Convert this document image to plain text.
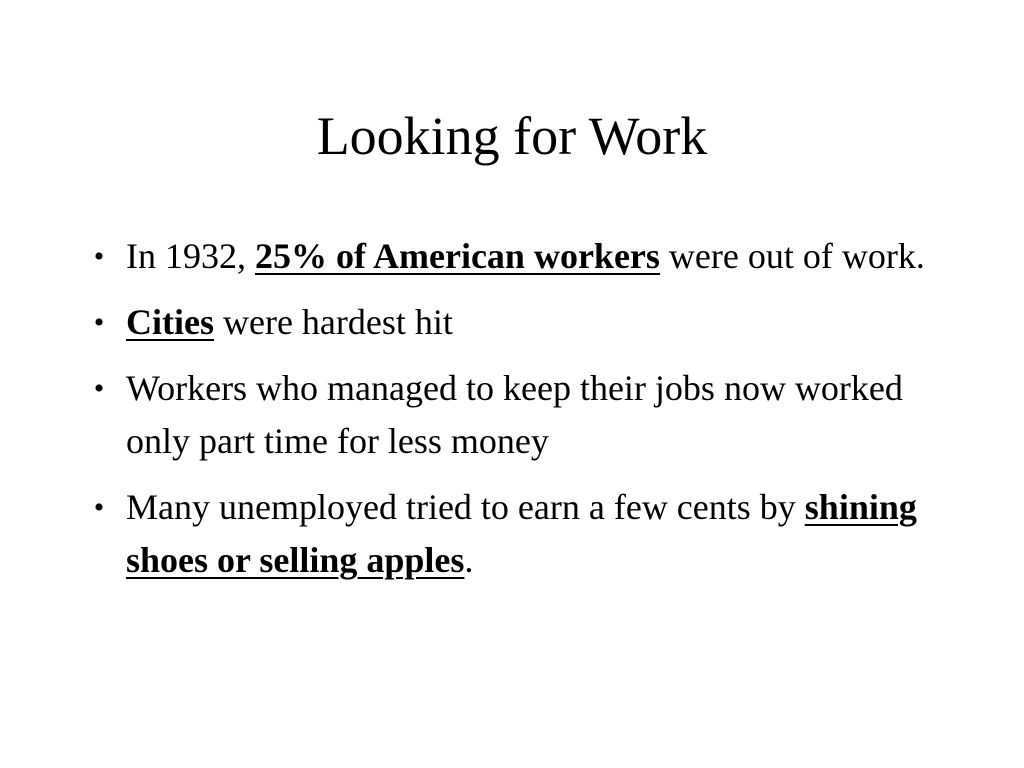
Looking for Work
• In 1932, 25% of American workers were out of work.
• Cities were hardest hit
• Workers who managed to keep their jobs now worked only part time for less money
• Many unemployed tried to earn a few cents by shining shoes or selling apples.
